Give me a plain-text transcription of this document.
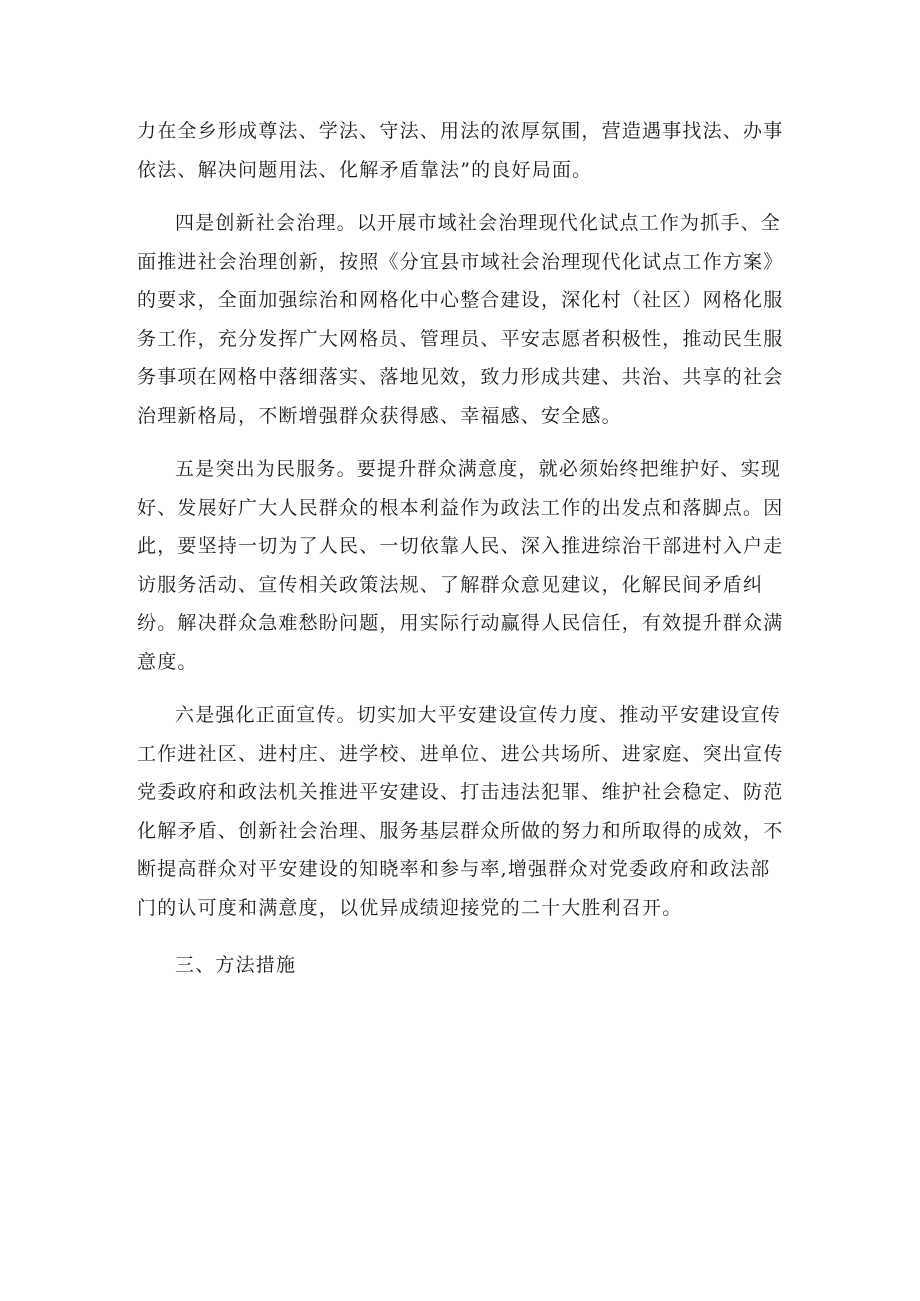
力在全乡形成尊法、学法、守法、用法的浓厚氛围，营造遇事找法、办事依法、解决问题用法、化解矛盾靠法”的良好局面。

四是创新社会治理。以开展市域社会治理现代化试点工作为抓手、全面推进社会治理创新，按照《分宜县市域社会治理现代化试点工作方案》的要求，全面加强综治和网格化中心整合建设，深化村（社区）网格化服务工作，充分发挥广大网格员、管理员、平安志愿者积极性，推动民生服务事项在网格中落细落实、落地见效，致力形成共建、共治、共享的社会治理新格局，不断增强群众获得感、幸福感、安全感。

五是突出为民服务。要提升群众满意度，就必须始终把维护好、实现好、发展好广大人民群众的根本利益作为政法工作的出发点和落脚点。因此，要坚持一切为了人民、一切依靠人民、深入推进综治干部进村入户走访服务活动、宣传相关政策法规、了解群众意见建议，化解民间矛盾纠纷。解决群众急难愁盼问题，用实际行动赢得人民信任，有效提升群众满意度。

六是强化正面宣传。切实加大平安建设宣传力度、推动平安建设宣传工作进社区、进村庄、进学校、进单位、进公共场所、进家庭、突出宣传党委政府和政法机关推进平安建设、打击违法犯罪、维护社会稳定、防范化解矛盾、创新社会治理、服务基层群众所做的努力和所取得的成效，不断提高群众对平安建设的知晓率和参与率,增强群众对党委政府和政法部门的认可度和满意度，以优异成绩迎接党的二十大胜利召开。

三、方法措施
